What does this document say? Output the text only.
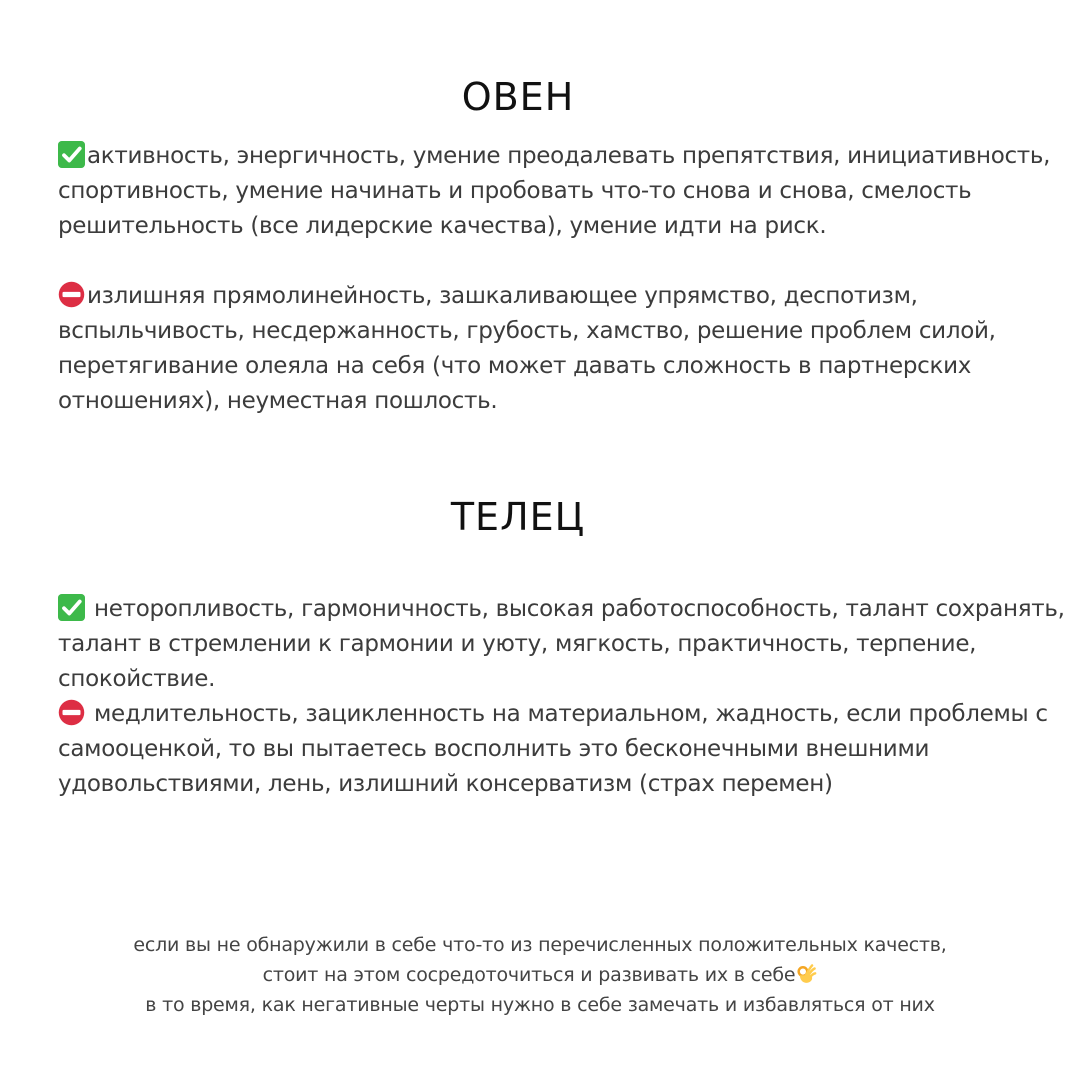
ОВЕН

активность, энергичность, умение преодалевать препятствия, инициативность, спортивность, умение начинать и пробовать что-то снова и снова, смелость решительность (все лидерские качества), умение идти на риск.

излишняя прямолинейность, зашкаливающее упрямство, деспотизм, вспыльчивость, несдержанность, грубость, хамство, решение проблем силой, перетягивание олеяла на себя (что может давать сложность в партнерских отношениях), неуместная пошлость.

ТЕЛЕЦ

неторопливость, гармоничность, высокая работоспособность, талант сохранять, талант в стремлении к гармонии и уюту, мягкость, практичность, терпение, спокойствие.

медлительность, зацикленность на материальном, жадность, если проблемы с самооценкой, то вы пытаетесь восполнить это бесконечными внешними удовольствиями, лень, излишний консерватизм (страх перемен)

если вы не обнаружили в себе что-то из перечисленных положительных качеств,
стоит на этом сосредоточиться и развивать их в себе
в то время, как негативные черты нужно в себе замечать и избавляться от них
